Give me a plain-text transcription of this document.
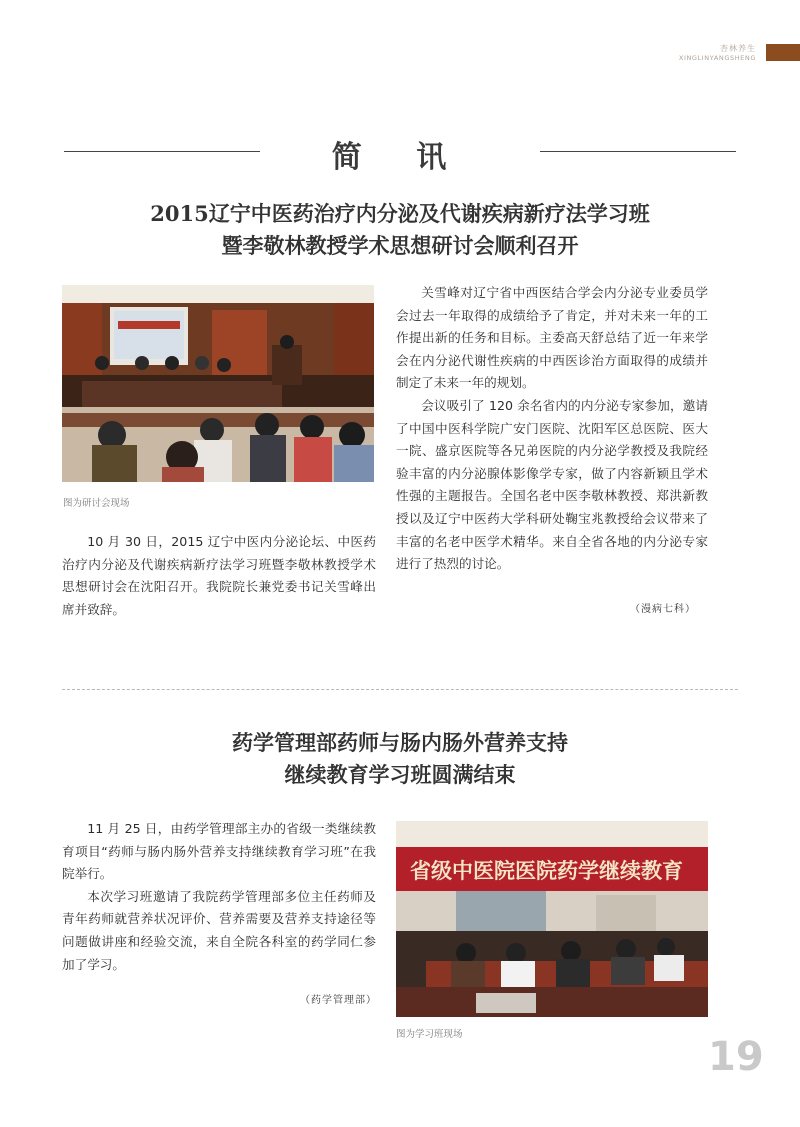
杏林养生
XINGLINYANGSHENG
简 讯
2015辽宁中医药治疗内分泌及代谢疾病新疗法学习班
暨李敬林教授学术思想研讨会顺利召开
图为研讨会现场

10 月 30 日，2015 辽宁中医内分泌论坛、中医药治疗内分泌及代谢疾病新疗法学习班暨李敬林教授学术思想研讨会在沈阳召开。我院院长兼党委书记关雪峰出席并致辞。

关雪峰对辽宁省中西医结合学会内分泌专业委员学会过去一年取得的成绩给予了肯定，并对未来一年的工作提出新的任务和目标。主委高天舒总结了近一年来学会在内分泌代谢性疾病的中西医诊治方面取得的成绩并制定了未来一年的规划。

会议吸引了 120 余名省内的内分泌专家参加，邀请了中国中医科学院广安门医院、沈阳军区总医院、医大一院、盛京医院等各兄弟医院的内分泌学教授及我院经验丰富的内分泌腺体影像学专家，做了内容新颖且学术性强的主题报告。全国名老中医李敬林教授、郑洪新教授以及辽宁中医药大学科研处鞠宝兆教授给会议带来了丰富的名老中医学术精华。来自全省各地的内分泌专家进行了热烈的讨论。

（漫病七科）
药学管理部药师与肠内肠外营养支持
继续教育学习班圆满结束

11 月 25 日，由药学管理部主办的省级一类继续教育项目“药师与肠内肠外营养支持继续教育学习班”在我院举行。

本次学习班邀请了我院药学管理部多位主任药师及青年药师就营养状况评价、营养需要及营养支持途径等问题做讲座和经验交流，来自全院各科室的药学同仁参加了学习。

（药学管理部）
省级中医院医院药学继续教育
图为学习班现场	19
